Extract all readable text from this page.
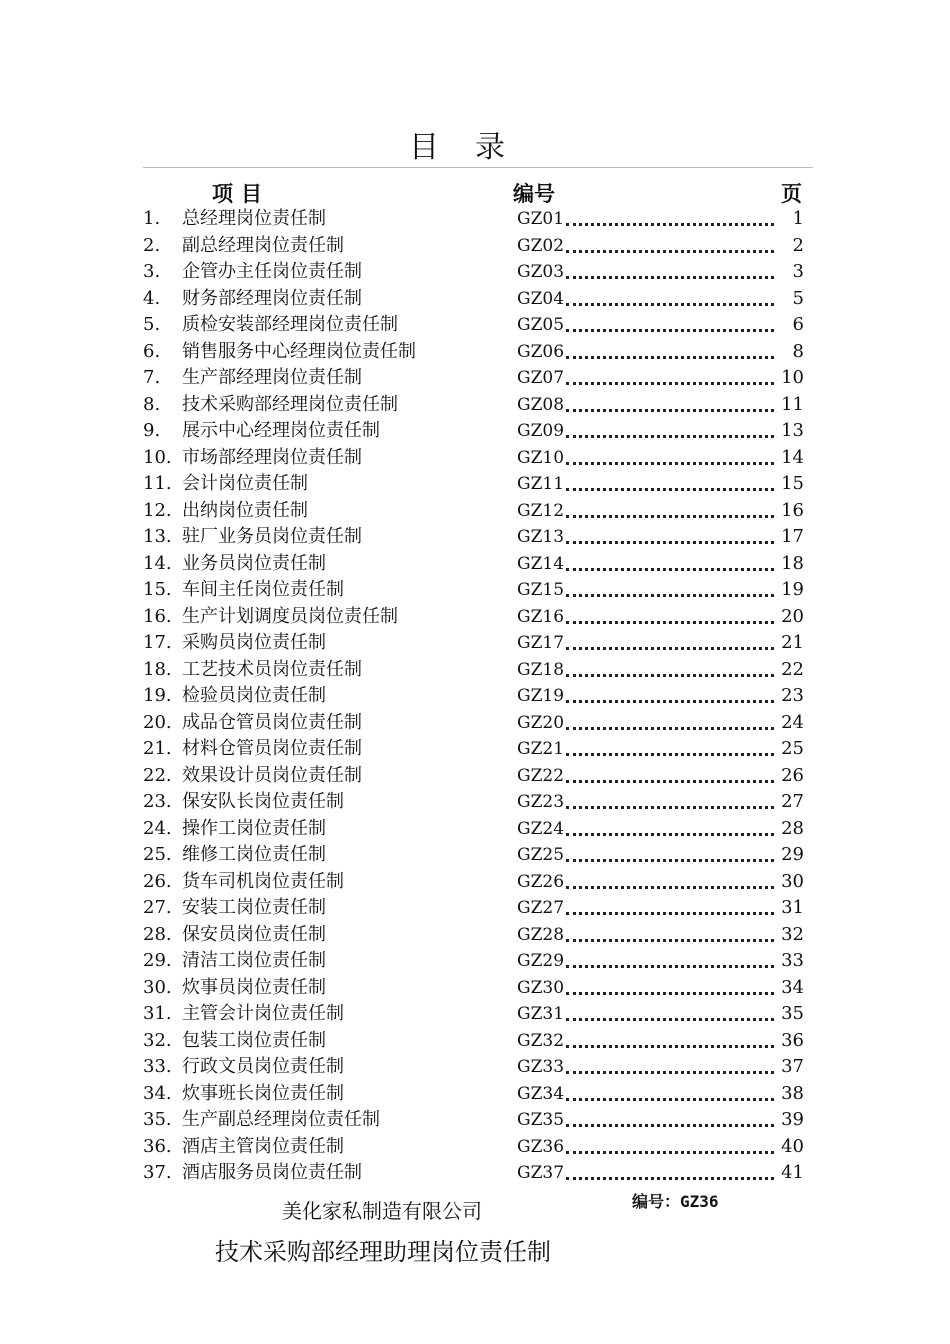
目录
项目	编号	页
1.	总经理岗位责任制	GZ01	1
2.	副总经理岗位责任制	GZ02	2
3.	企管办主任岗位责任制	GZ03	3
4.	财务部经理岗位责任制	GZ04	5
5.	质检安装部经理岗位责任制	GZ05	6
6.	销售服务中心经理岗位责任制	GZ06	8
7.	生产部经理岗位责任制	GZ07	10
8.	技术采购部经理岗位责任制	GZ08	11
9.	展示中心经理岗位责任制	GZ09	13
10. 市场部经理岗位责任制	GZ10	14
11. 会计岗位责任制	GZ11	15
12. 出纳岗位责任制	GZ12	16
13. 驻厂业务员岗位责任制	GZ13	17
14. 业务员岗位责任制	GZ14	18
15. 车间主任岗位责任制	GZ15	19
16. 生产计划调度员岗位责任制	GZ16	20
17. 采购员岗位责任制	GZ17	21
18. 工艺技术员岗位责任制	GZ18	22
19. 检验员岗位责任制	GZ19	23
20. 成品仓管员岗位责任制	GZ20	24
21. 材料仓管员岗位责任制	GZ21	25
22. 效果设计员岗位责任制	GZ22	26
23. 保安队长岗位责任制	GZ23	27
24. 操作工岗位责任制	GZ24	28
25. 维修工岗位责任制	GZ25	29
26. 货车司机岗位责任制	GZ26	30
27. 安装工岗位责任制	GZ27	31
28. 保安员岗位责任制	GZ28	32
29. 清洁工岗位责任制	GZ29	33
30. 炊事员岗位责任制	GZ30	34
31. 主管会计岗位责任制	GZ31	35
32. 包装工岗位责任制	GZ32	36
33. 行政文员岗位责任制	GZ33	37
34. 炊事班长岗位责任制	GZ34	38
35. 生产副总经理岗位责任制	GZ35	39
36. 酒店主管岗位责任制	GZ36	40
37. 酒店服务员岗位责任制	GZ37	41
美化家私制造有限公司	编号：GZ36
技术采购部经理助理岗位责任制
